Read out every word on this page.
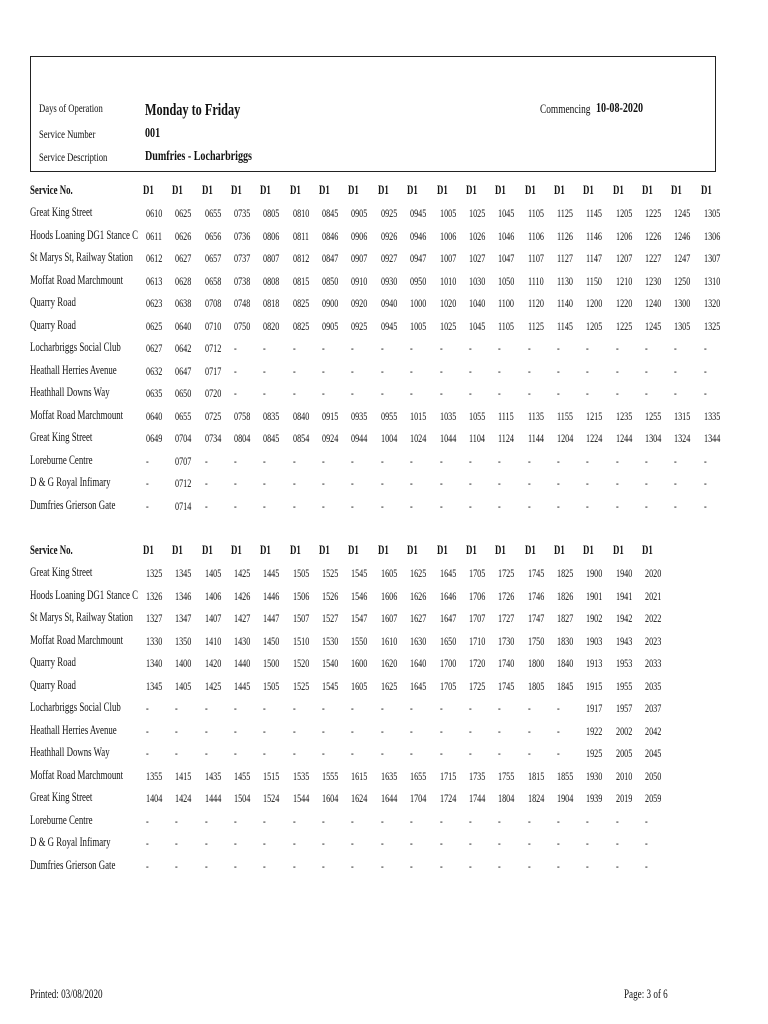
Days of Operation Monday to Friday
Service Number	001
Service Description	Dumfries - Locharbriggs
Commencing 10-08-2020
Service No.	D1 D1 D1 D1 D1 D1 D1 D1 D1 D1 D1 D1 D1 D1 D1 D1 D1 D1 D1 D1
Great King Street	0610 0625 0655 0735 0805 0810 0845 0905 0925 0945 1005 1025 1045 1105 1125 1145 1205 1225 1245 1305
Hoods Loaning DG1 Stance C 0611 0626 0656 0736 0806 0811 0846 0906 0926 0946 1006 1026 1046 1106 1126 1146 1206 1226 1246 1306
St Marys St, Railway Station 0612 0627 0657 0737 0807 0812 0847 0907 0927 0947 1007 1027 1047 1107 1127 1147 1207 1227 1247 1307
Moffat Road Marchmount 0613 0628 0658 0738 0808 0815 0850 0910 0930 0950 1010 1030 1050 1110 1130 1150 1210 1230 1250 1310
Quarry Road	0623 0638 0708 0748 0818 0825 0900 0920 0940 1000 1020 1040 1100 1120 1140 1200 1220 1240 1300 1320
Quarry Road	0625 0640 0710 0750 0820 0825 0905 0925 0945 1005 1025 1045 1105 1125 1145 1205 1225 1245 1305 1325
Locharbriggs Social Club 0627 0642 0712 - - - - - - - - - - - - - - - - -
Heathall Herries Avenue 0632 0647 0717 - - - - - - - - - - - - - - - - -
Heathhall Downs Way	0635 0650 0720 - - - - - - - - - - - - - - - - -
Moffat Road Marchmount 0640 0655 0725 0758 0835 0840 0915 0935 0955 1015 1035 1055 1115 1135 1155 1215 1235 1255 1315 1335
Great King Street	0649 0704 0734 0804 0845 0854 0924 0944 1004 1024 1044 1104 1124 1144 1204 1224 1244 1304 1324 1344
Loreburne Centre	- 0707 - - - - - - - - - - - - - - - - - -
D & G Royal Infimary	- 0712 - - - - - - - - - - - - - - - - - -
Dumfries Grierson Gate	- 0714 - - - - - - - - - - - - - - - - - -
Service No.	D1 D1 D1 D1 D1 D1 D1 D1 D1 D1 D1 D1 D1 D1 D1 D1 D1 D1
Great King Street	1325 1345 1405 1425 1445 1505 1525 1545 1605 1625 1645 1705 1725 1745 1825 1900 1940 2020
Hoods Loaning DG1 Stance C 1326 1346 1406 1426 1446 1506 1526 1546 1606 1626 1646 1706 1726 1746 1826 1901 1941 2021
St Marys St, Railway Station 1327 1347 1407 1427 1447 1507 1527 1547 1607 1627 1647 1707 1727 1747 1827 1902 1942 2022
Moffat Road Marchmount 1330 1350 1410 1430 1450 1510 1530 1550 1610 1630 1650 1710 1730 1750 1830 1903 1943 2023
Quarry Road	1340 1400 1420 1440 1500 1520 1540 1600 1620 1640 1700 1720 1740 1800 1840 1913 1953 2033
Quarry Road	1345 1405 1425 1445 1505 1525 1545 1605 1625 1645 1705 1725 1745 1805 1845 1915 1955 2035
Locharbriggs Social Club - - - - - - - - - - - - - - - 1917 1957 2037
Heathall Herries Avenue - - - - - - - - - - - - - - - 1922 2002 2042
Heathhall Downs Way	- - - - - - - - - - - - - - - 1925 2005 2045
Moffat Road Marchmount 1355 1415 1435 1455 1515 1535 1555 1615 1635 1655 1715 1735 1755 1815 1855 1930 2010 2050
Great King Street	1404 1424 1444 1504 1524 1544 1604 1624 1644 1704 1724 1744 1804 1824 1904 1939 2019 2059
Loreburne Centre	- - - - - - - - - - - - - - - - - -
D & G Royal Infimary	- - - - - - - - - - - - - - - - - -
Dumfries Grierson Gate	- - - - - - - - - - - - - - - - - -
Printed: 03/08/2020	Page: 3 of 6
